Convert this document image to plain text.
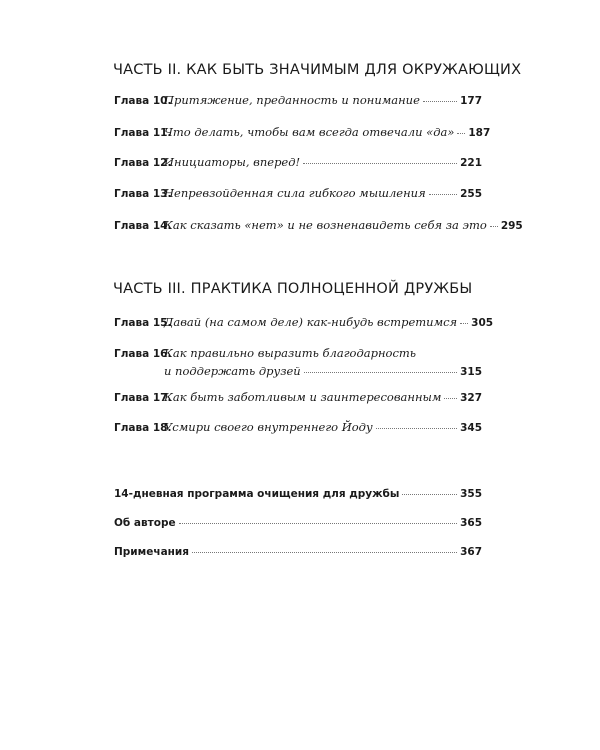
ЧАСТЬ II. КАК БЫТЬ ЗНАЧИМЫМ ДЛЯ ОКРУЖАЮЩИХ
Глава 10.
Притяжение, преданность и понимание	177
Глава 11.
Что делать, чтобы вам всегда отвечали «да» 187
Глава 12.
Инициаторы, вперед!	221
Глава 13.
Непревзойденная сила гибкого мышления	255
Глава 14.
Как сказать «нет» и не возненавидеть себя за это 295
ЧАСТЬ III. ПРАКТИКА ПОЛНОЦЕННОЙ ДРУЖБЫ
Глава 15.
Давай (на самом деле) как-нибудь встретимся 305
Глава 16.
Как правильно выразить благодарность
и поддержать друзей	315
Глава 17.
Как быть заботливым и заинтересованным 327
Глава 18.
Усмири своего внутреннего Йоду	345
14-дневная программа очищения для дружбы	355
Об авторе	365
Примечания	367
